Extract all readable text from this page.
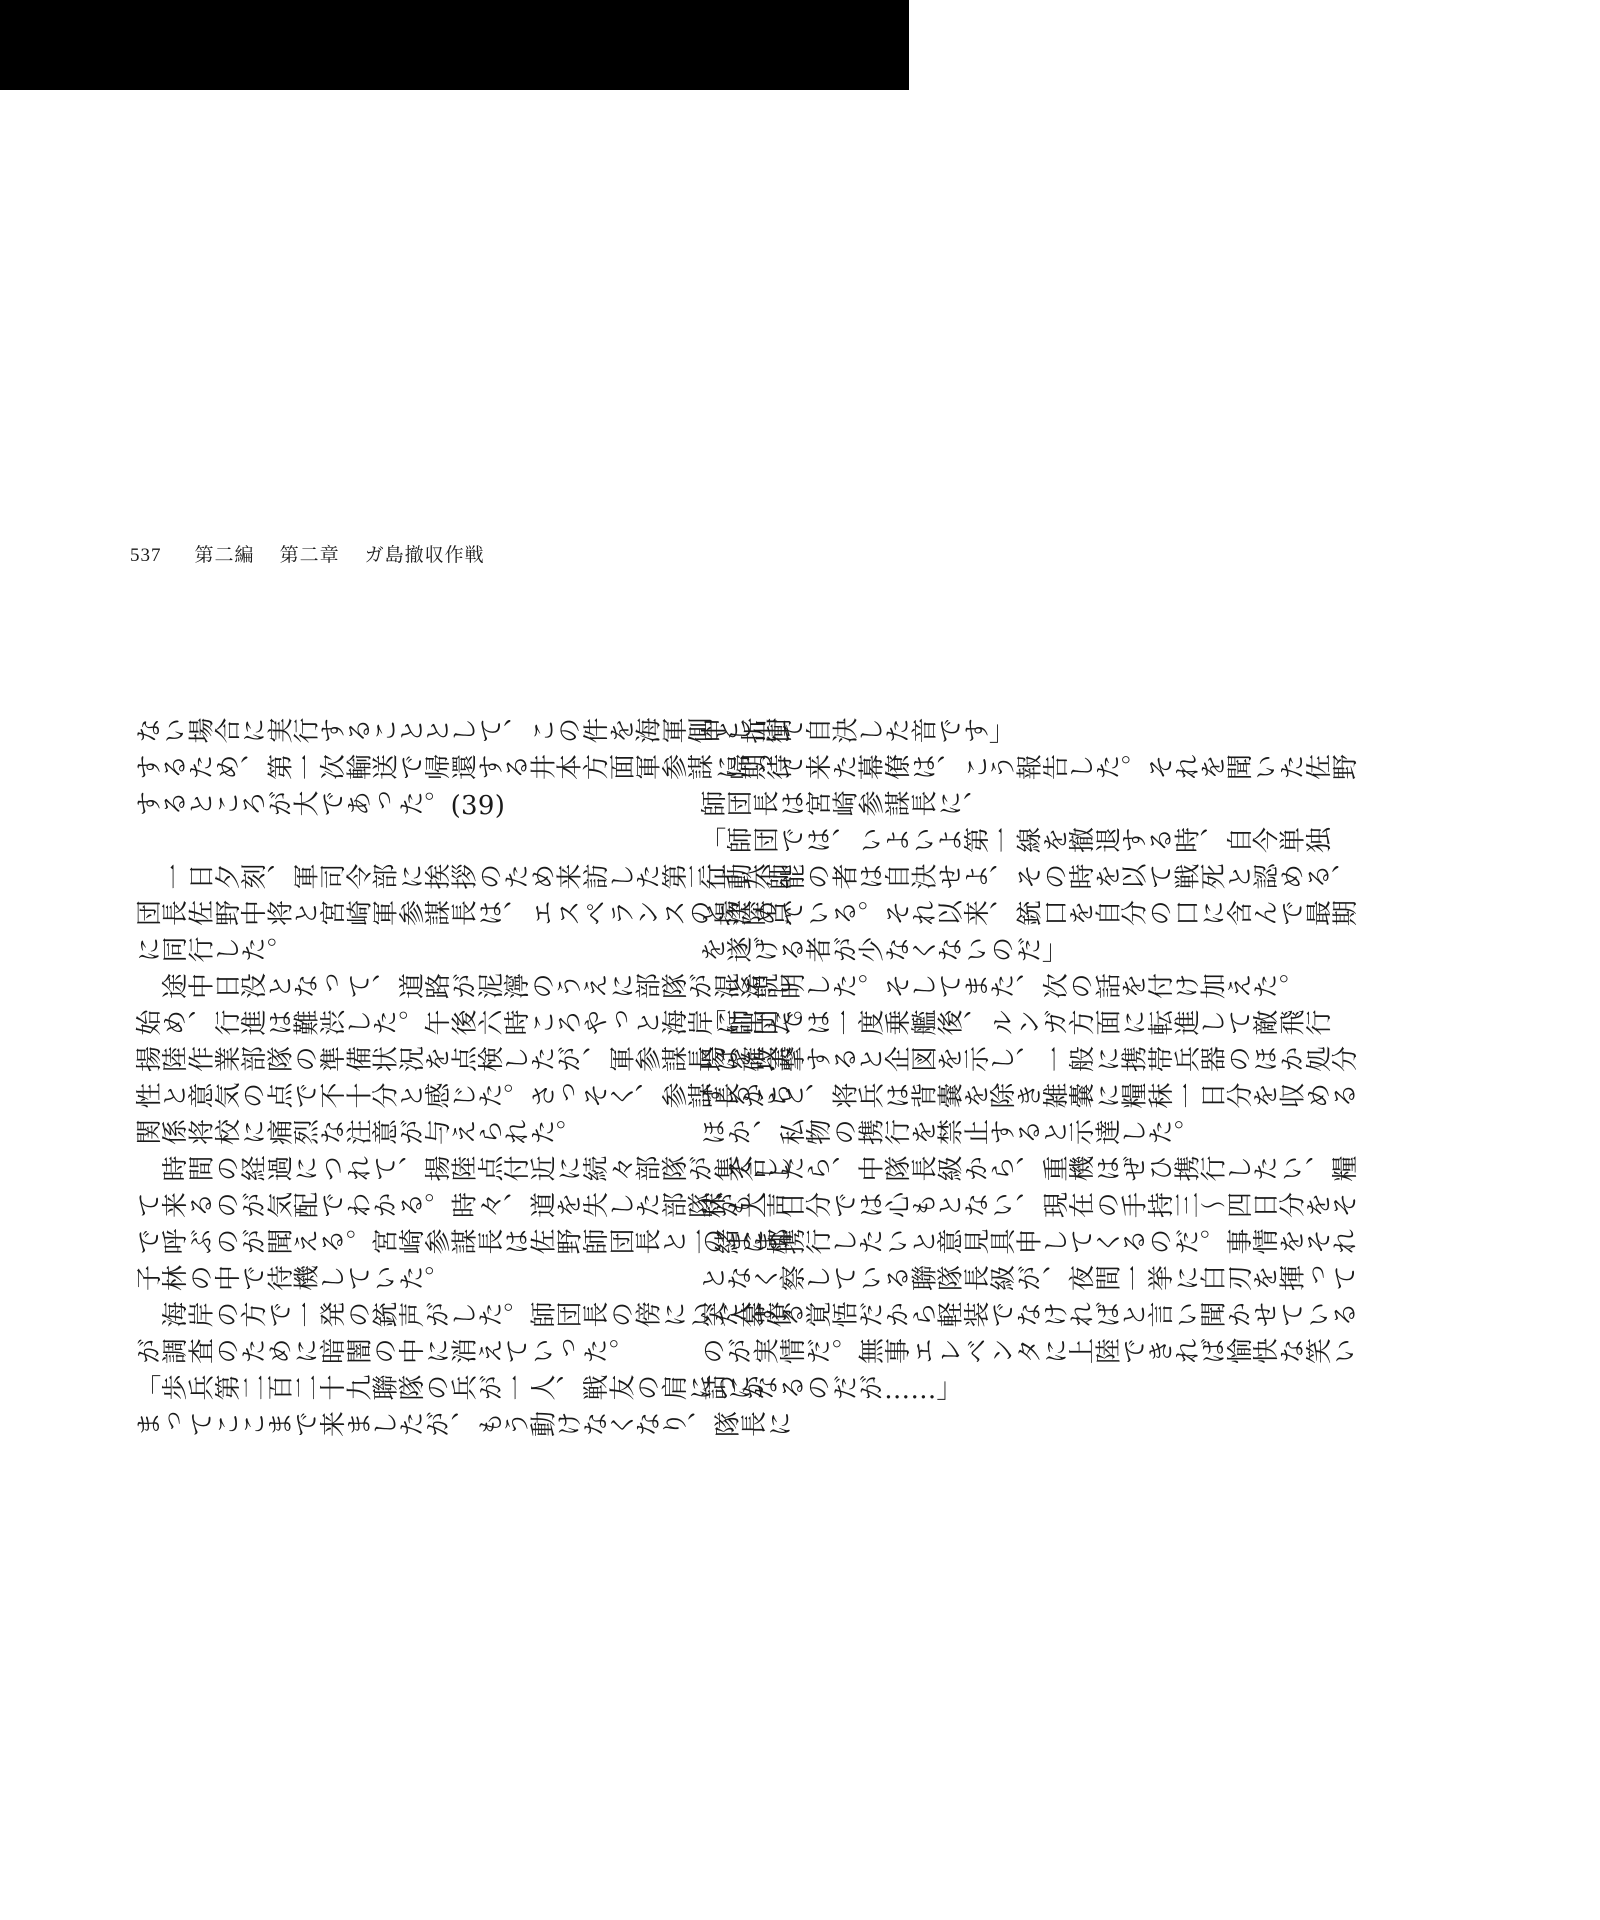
537 第二編 第二章 ガ島撤収作戦

ない場合に実行することとして、この件を海軍側と折衝

するため、第一次輸送で帰還する井本方面軍参謀に期待

するところが大であった。(39)

　一日夕刻、軍司令部に挨拶のため来訪した第三十八師

団長佐野中将と宮崎軍参謀長は、エスペランスの揚陸点

に同行した。

　途中日没となって、道路が泥濘のうえに部隊が混淆し

始め、行進は難渋した。午後六時ころやっと海岸に出た。

揚陸作業部隊の準備状況を点検したが、軍参謀長は確実

性と意気の点で不十分と感じた。さっそく、参謀長から

関係将校に痛烈な注意が与えられた。

　時間の経過につれて、揚陸点付近に続々部隊が集合し

て来るのが気配でわかる。時々、道を失した部隊が大声

で呼ぶのが聞える。宮崎参謀長は佐野師団長と一緒に椰

子林の中で待機していた。

　海岸の方で一発の銃声がした。師団長の傍にいた幕僚

が調査のために暗闇の中に消えていった。

「歩兵第二百二十九聯隊の兵が一人、戦友の肩につか

まってここまで来ましたが、もう動けなくなり、隊長に

申し出て自決した音です」

　帰って来た幕僚は、こう報告した。それを聞いた佐野

師団長は宮崎参謀長に、

「師団では、いよいよ第一線を撤退する時、自今単独

行動不能の者は自決せよ、その時を以て戦死と認める、

と決めている。それ以来、銃口を自分の口に含んで最期

を遂げる者が少なくないのだ」

　と説明した。そしてまた、次の話を付け加えた。

「師団では一度乗艦後、ルンガ方面に転進して敵飛行

場を攻撃すると企図を示し、一般に携帯兵器のほか処分

すること、将兵は背嚢を除き雑嚢に糧秣一日分を収める

ほか、私物の携行を禁止すると示達した。

　そしたら、中隊長級から、重機はぜひ携行したい、糧

秣も一日分では心もとない、現在の手持三〜四日分をそ

のまま携行したいと意見具申してくるのだ。事情をそれ

となく察している聯隊長級が、夜間一挙に白刃を揮って

突入する覚悟だから軽装でなければと言い聞かせている

のが実情だ。無事エレベンタに上陸できれば愉快な笑い

話になるのだが……」
